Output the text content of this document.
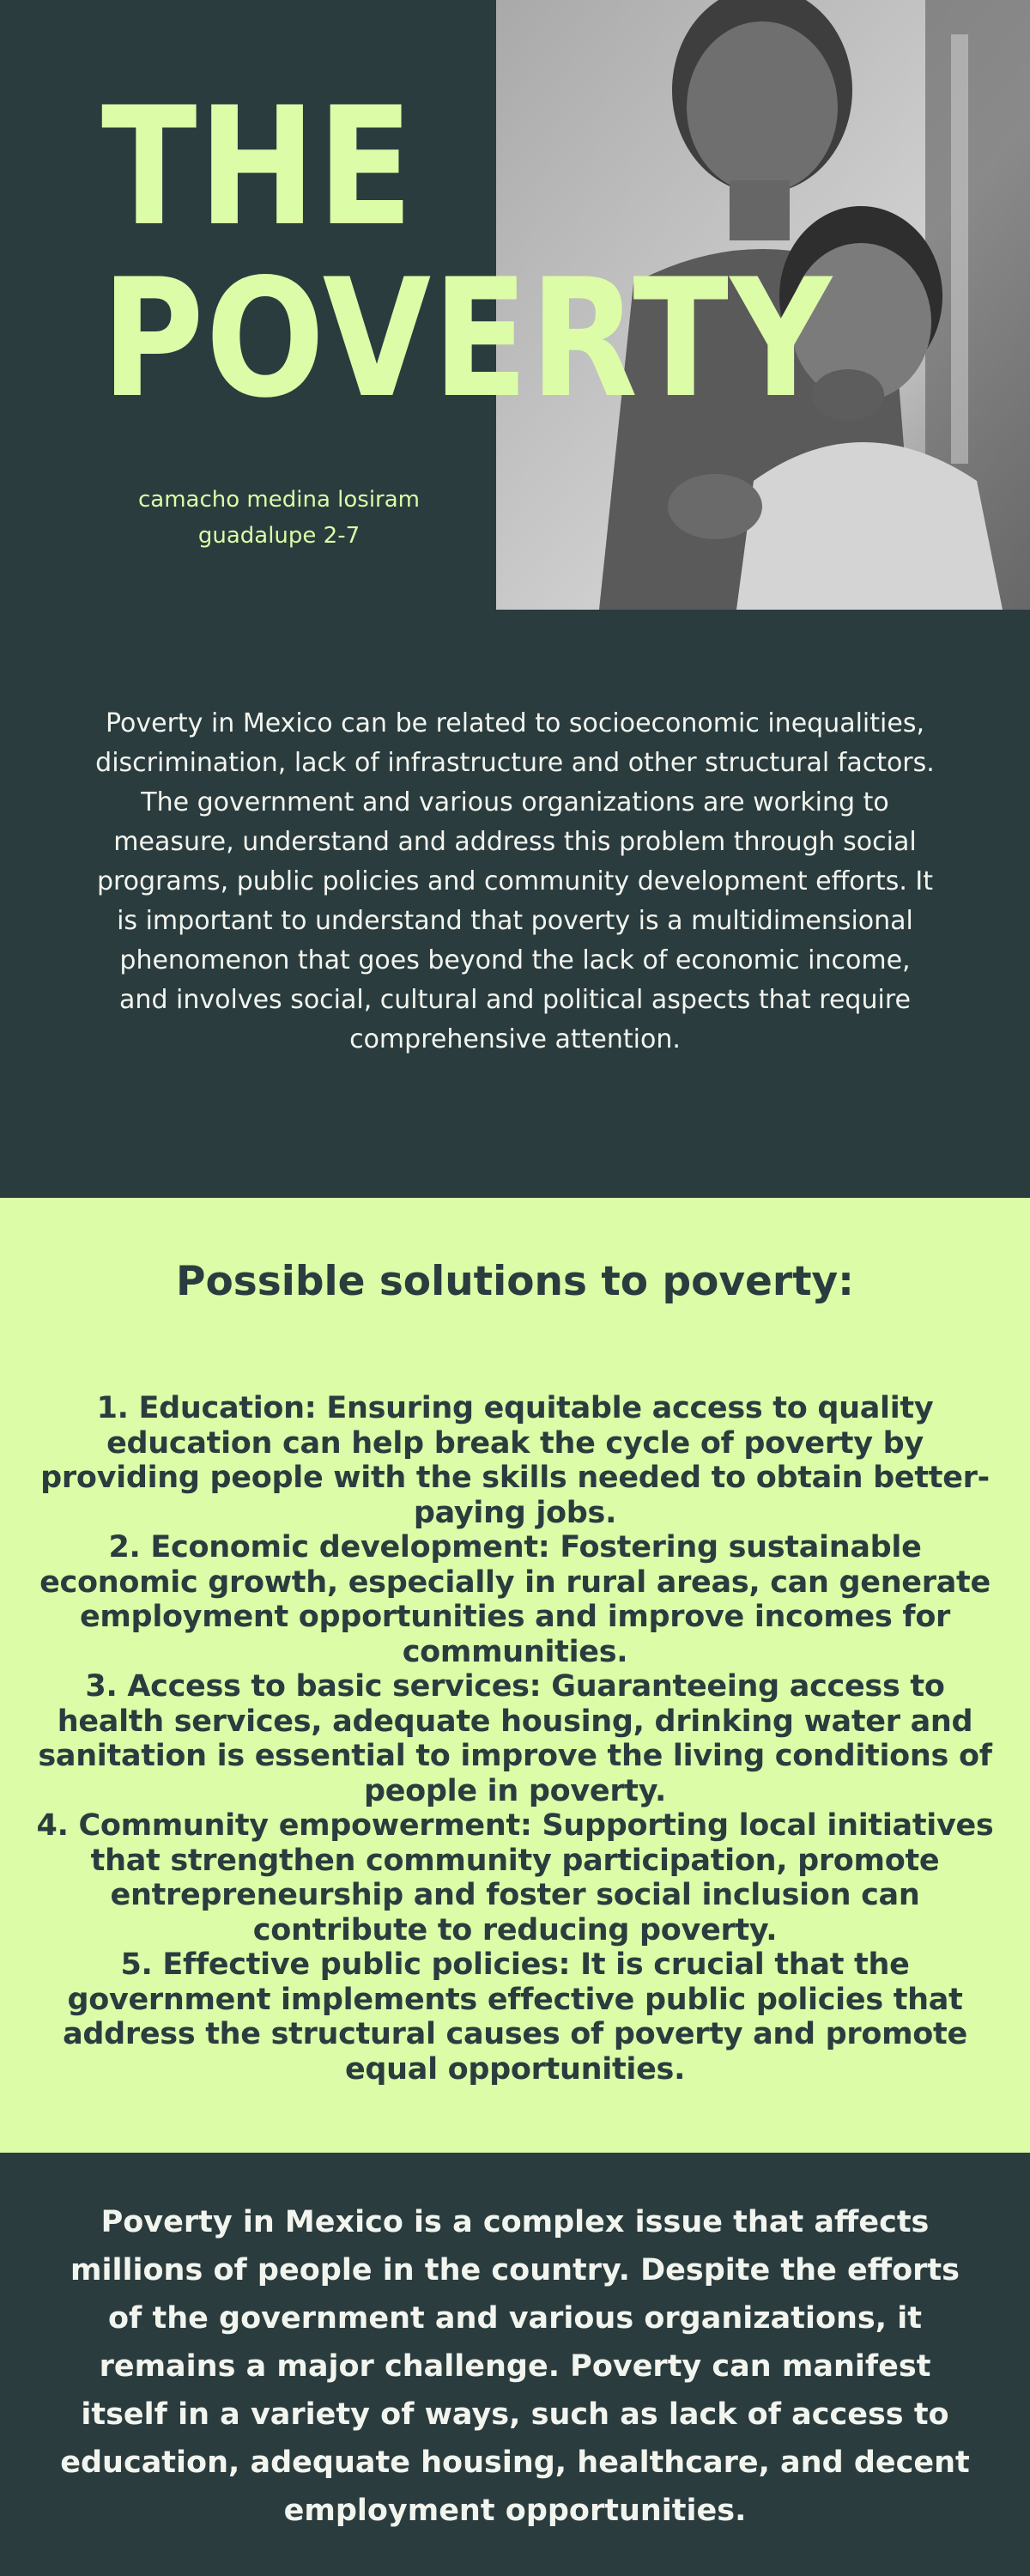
THE
POVERTY
camacho medina losiram
guadalupe 2-7

Poverty in Mexico can be related to socioeconomic inequalities, discrimination, lack of infrastructure and other structural factors. The government and various organizations are working to measure, understand and address this problem through social programs, public policies and community development efforts. It is important to understand that poverty is a multidimensional phenomenon that goes beyond the lack of economic income, and involves social, cultural and political aspects that require comprehensive attention.

Possible solutions to poverty:
1. Education: Ensuring equitable access to quality education can help break the cycle of poverty by providing people with the skills needed to obtain better-paying jobs.
2. Economic development: Fostering sustainable economic growth, especially in rural areas, can generate employment opportunities and improve incomes for communities.
3. Access to basic services: Guaranteeing access to health services, adequate housing, drinking water and sanitation is essential to improve the living conditions of people in poverty.
4. Community empowerment: Supporting local initiatives that strengthen community participation, promote entrepreneurship and foster social inclusion can contribute to reducing poverty.
5. Effective public policies: It is crucial that the government implements effective public policies that address the structural causes of poverty and promote equal opportunities.

Poverty in Mexico is a complex issue that affects millions of people in the country. Despite the efforts of the government and various organizations, it remains a major challenge. Poverty can manifest itself in a variety of ways, such as lack of access to education, adequate housing, healthcare, and decent employment opportunities.
